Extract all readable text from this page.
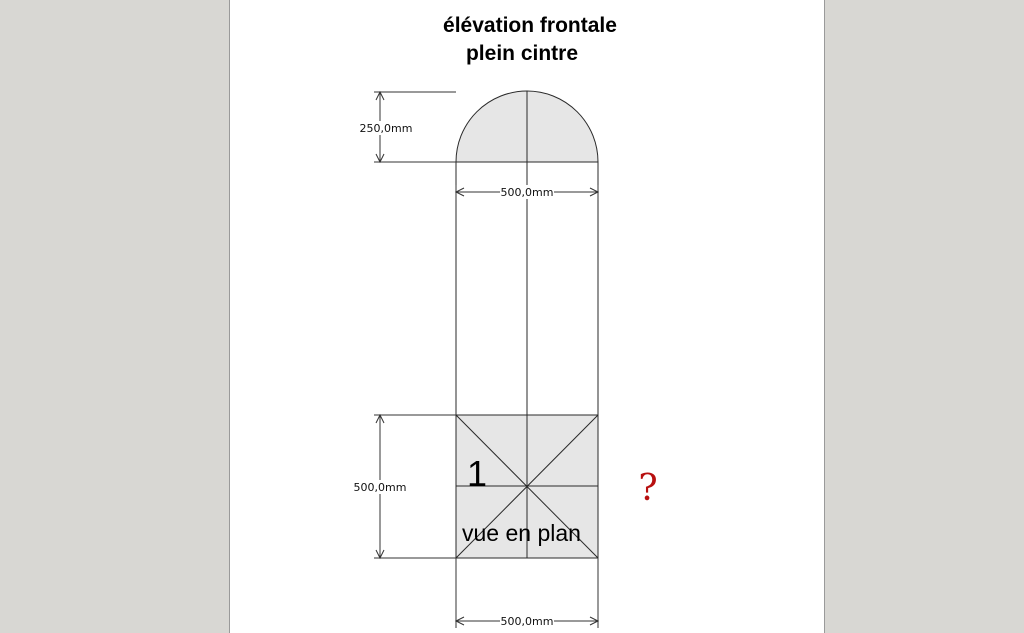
élévation frontale
plein cintre
1
vue en plan
250,0mm
500,0mm
500,0mm
500,0mm
?
